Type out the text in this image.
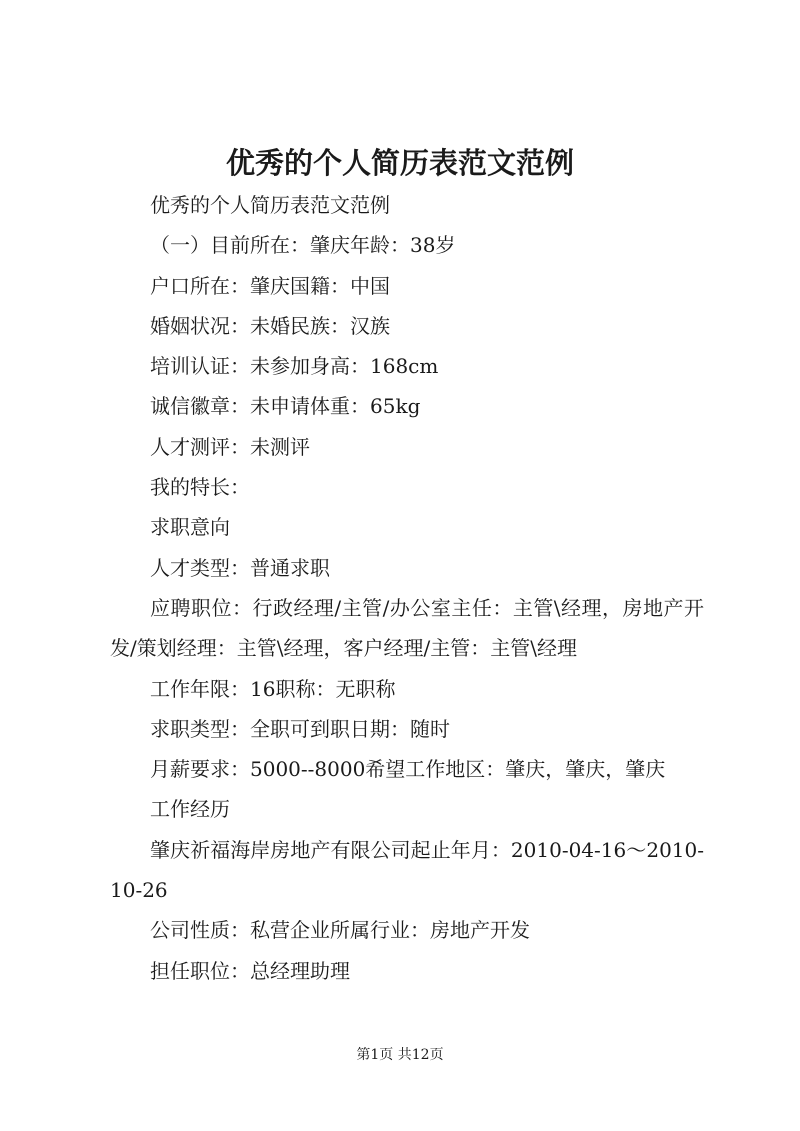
优秀的个人简历表范文范例

优秀的个人简历表范文范例

（一）目前所在：肇庆年龄：38岁

户口所在：肇庆国籍：中国

婚姻状况：未婚民族：汉族

培训认证：未参加身高：168cm

诚信徽章：未申请体重：65kg

人才测评：未测评

我的特长：

求职意向

人才类型：普通求职

应聘职位：行政经理/主管/办公室主任：主管\经理，房地产开发/策划经理：主管\经理，客户经理/主管：主管\经理

工作年限：16职称：无职称

求职类型：全职可到职日期：随时

月薪要求：5000--8000希望工作地区：肇庆，肇庆，肇庆

工作经历

肇庆祈福海岸房地产有限公司起止年月：2010-04-16～2010-10-26

公司性质：私营企业所属行业：房地产开发

担任职位：总经理助理

第1页 共12页
